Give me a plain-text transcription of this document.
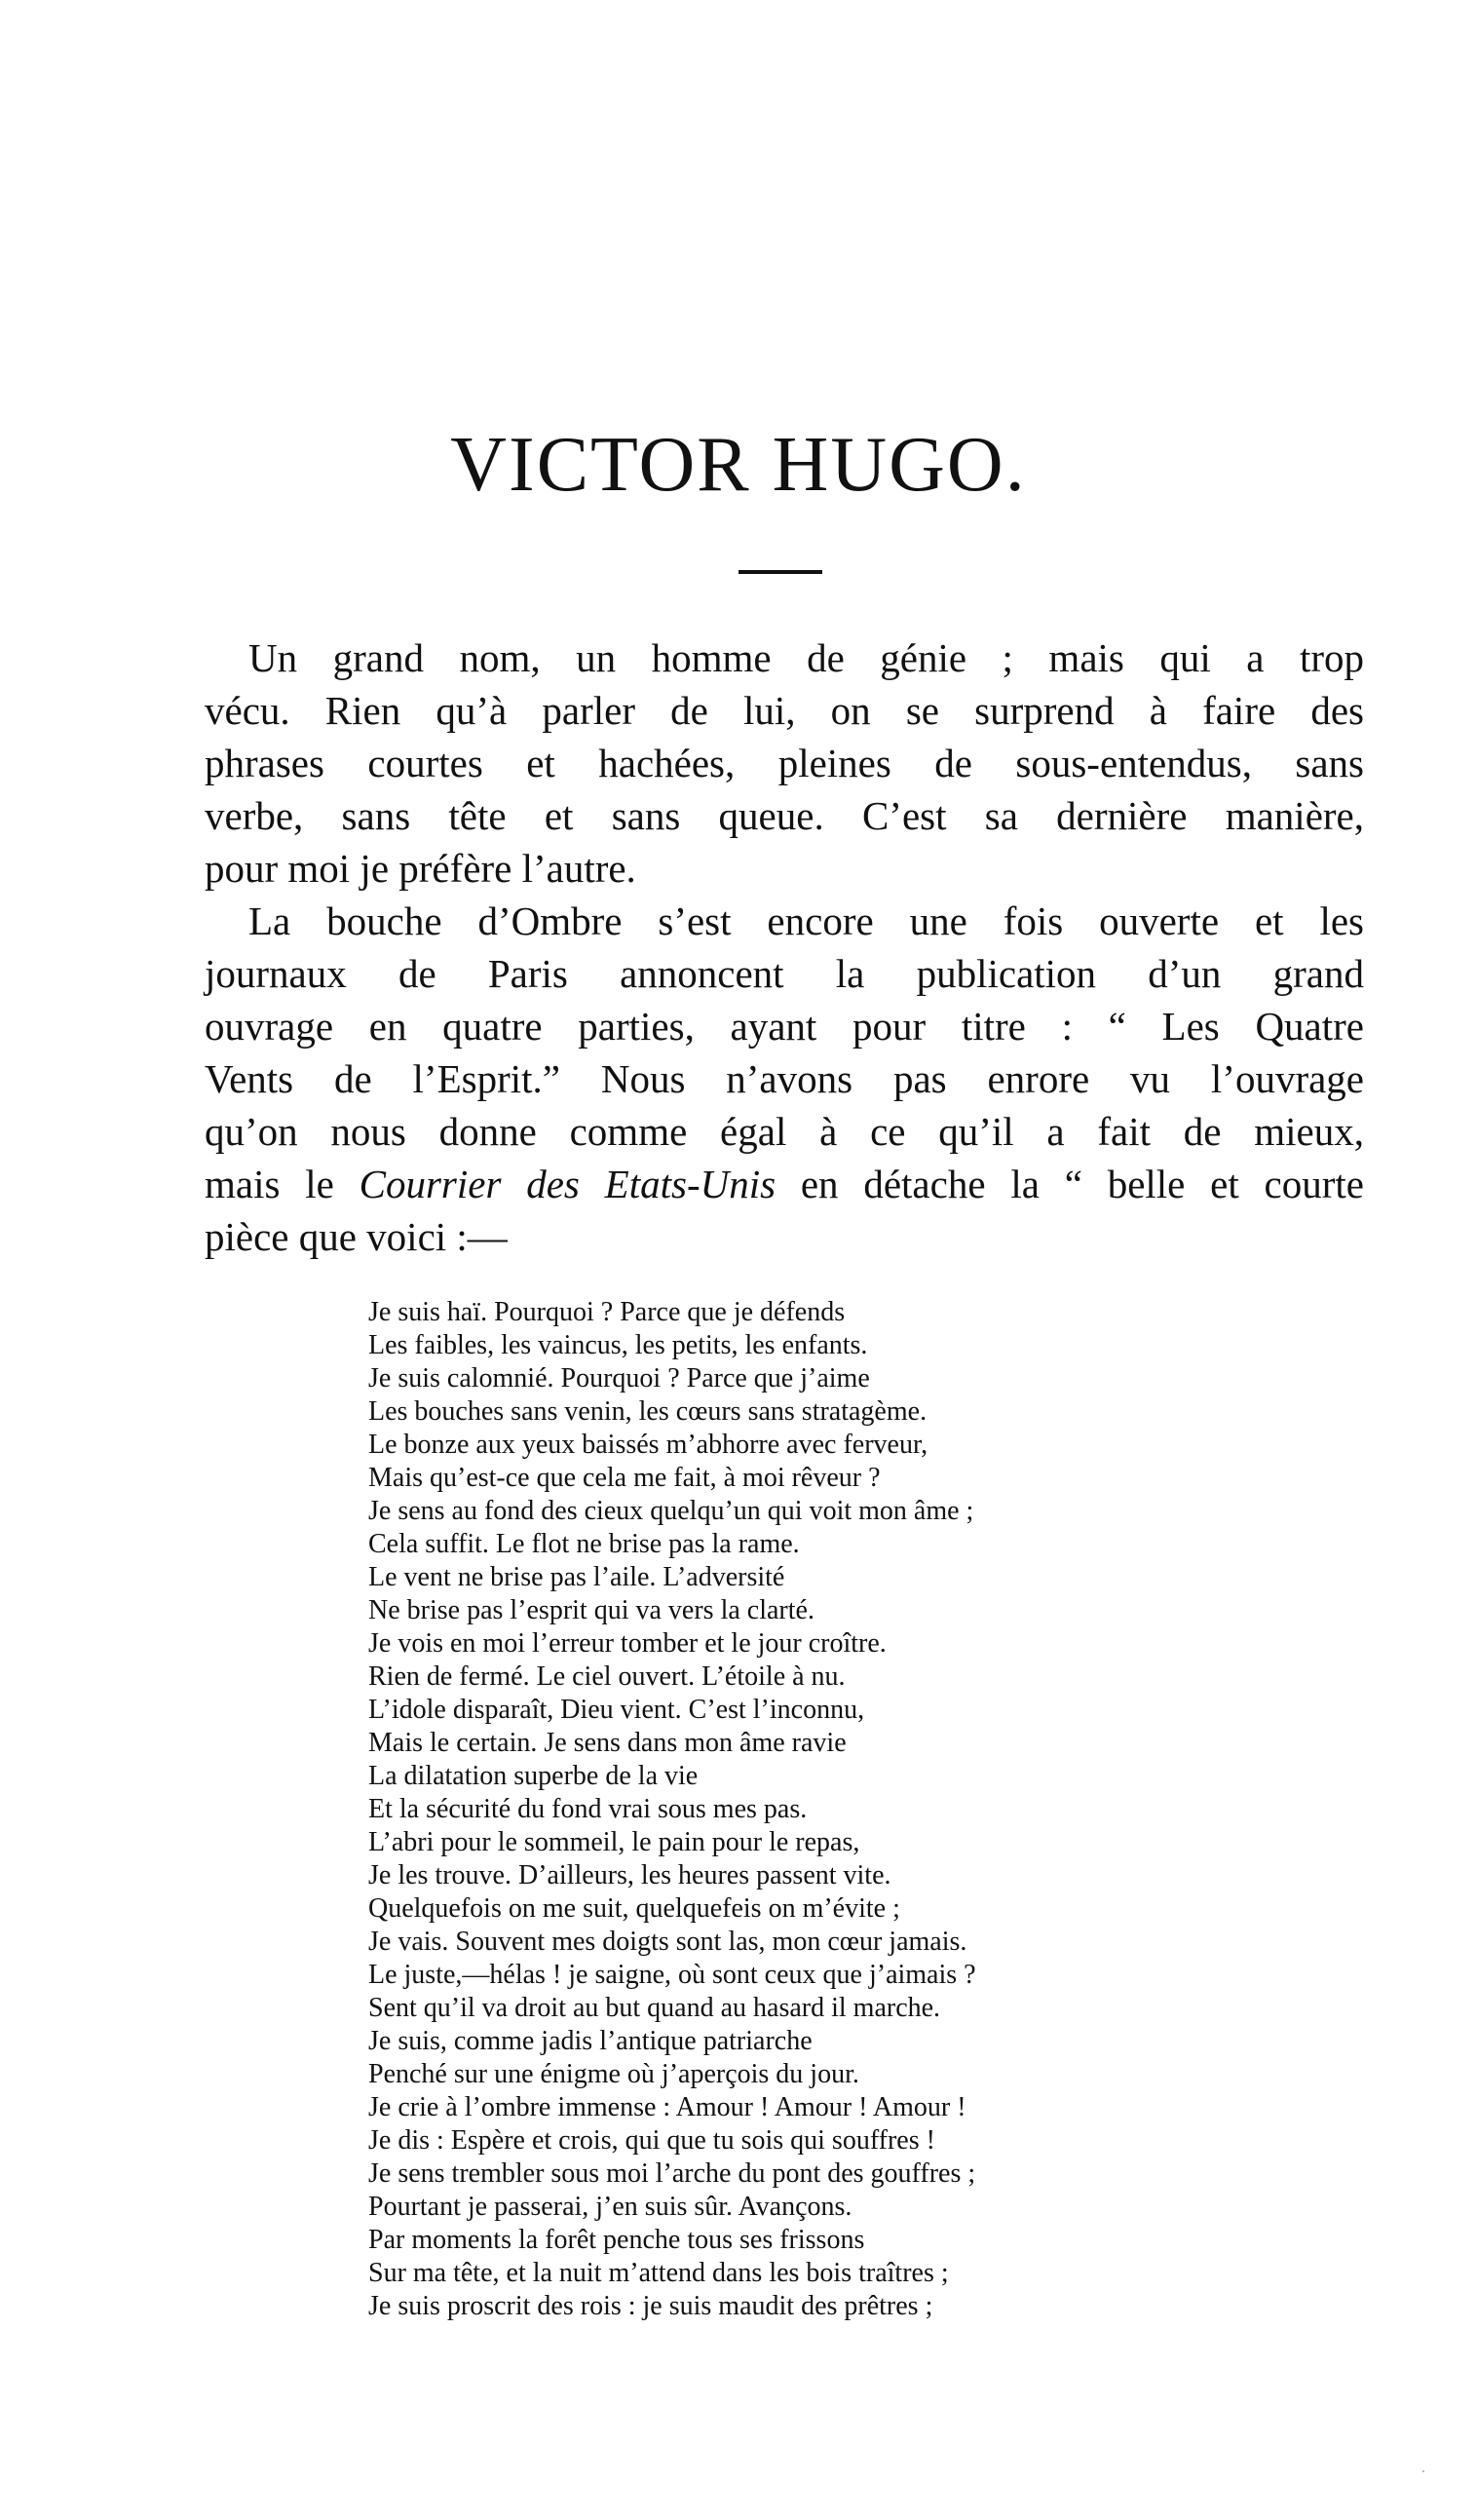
VICTOR HUGO.
Un grand nom, un homme de génie ; mais qui a trop
vécu. Rien qu’à parler de lui, on se surprend à faire des
phrases courtes et hachées, pleines de sous-entendus, sans
verbe, sans tête et sans queue. C’est sa dernière manière,
pour moi je préfère l’autre.
La bouche d’Ombre s’est encore une fois ouverte et les
journaux de Paris annoncent la publication d’un grand
ouvrage en quatre parties, ayant pour titre : “ Les Quatre
Vents de l’Esprit.” Nous n’avons pas enrore vu l’ouvrage
qu’on nous donne comme égal à ce qu’il a fait de mieux,
mais le Courrier des Etats-Unis en détache la “ belle et courte
pièce que voici :—
Je suis haï. Pourquoi ? Parce que je défends
Les faibles, les vaincus, les petits, les enfants.
Je suis calomnié. Pourquoi ? Parce que j’aime
Les bouches sans venin, les cœurs sans stratagème.
Le bonze aux yeux baissés m’abhorre avec ferveur,
Mais qu’est-ce que cela me fait, à moi rêveur ?
Je sens au fond des cieux quelqu’un qui voit mon âme ;
Cela suffit. Le flot ne brise pas la rame.
Le vent ne brise pas l’aile. L’adversité
Ne brise pas l’esprit qui va vers la clarté.
Je vois en moi l’erreur tomber et le jour croître.
Rien de fermé. Le ciel ouvert. L’étoile à nu.
L’idole disparaît, Dieu vient. C’est l’inconnu,
Mais le certain. Je sens dans mon âme ravie
La dilatation superbe de la vie
Et la sécurité du fond vrai sous mes pas.
L’abri pour le sommeil, le pain pour le repas,
Je les trouve. D’ailleurs, les heures passent vite.
Quelquefois on me suit, quelquefeis on m’évite ;
Je vais. Souvent mes doigts sont las, mon cœur jamais.
Le juste,—hélas ! je saigne, où sont ceux que j’aimais ?
Sent qu’il va droit au but quand au hasard il marche.
Je suis, comme jadis l’antique patriarche
Penché sur une énigme où j’aperçois du jour.
Je crie à l’ombre immense : Amour ! Amour ! Amour !
Je dis : Espère et crois, qui que tu sois qui souffres !
Je sens trembler sous moi l’arche du pont des gouffres ;
Pourtant je passerai, j’en suis sûr. Avançons.
Par moments la forêt penche tous ses frissons
Sur ma tête, et la nuit m’attend dans les bois traîtres ;
Je suis proscrit des rois : je suis maudit des prêtres ;
